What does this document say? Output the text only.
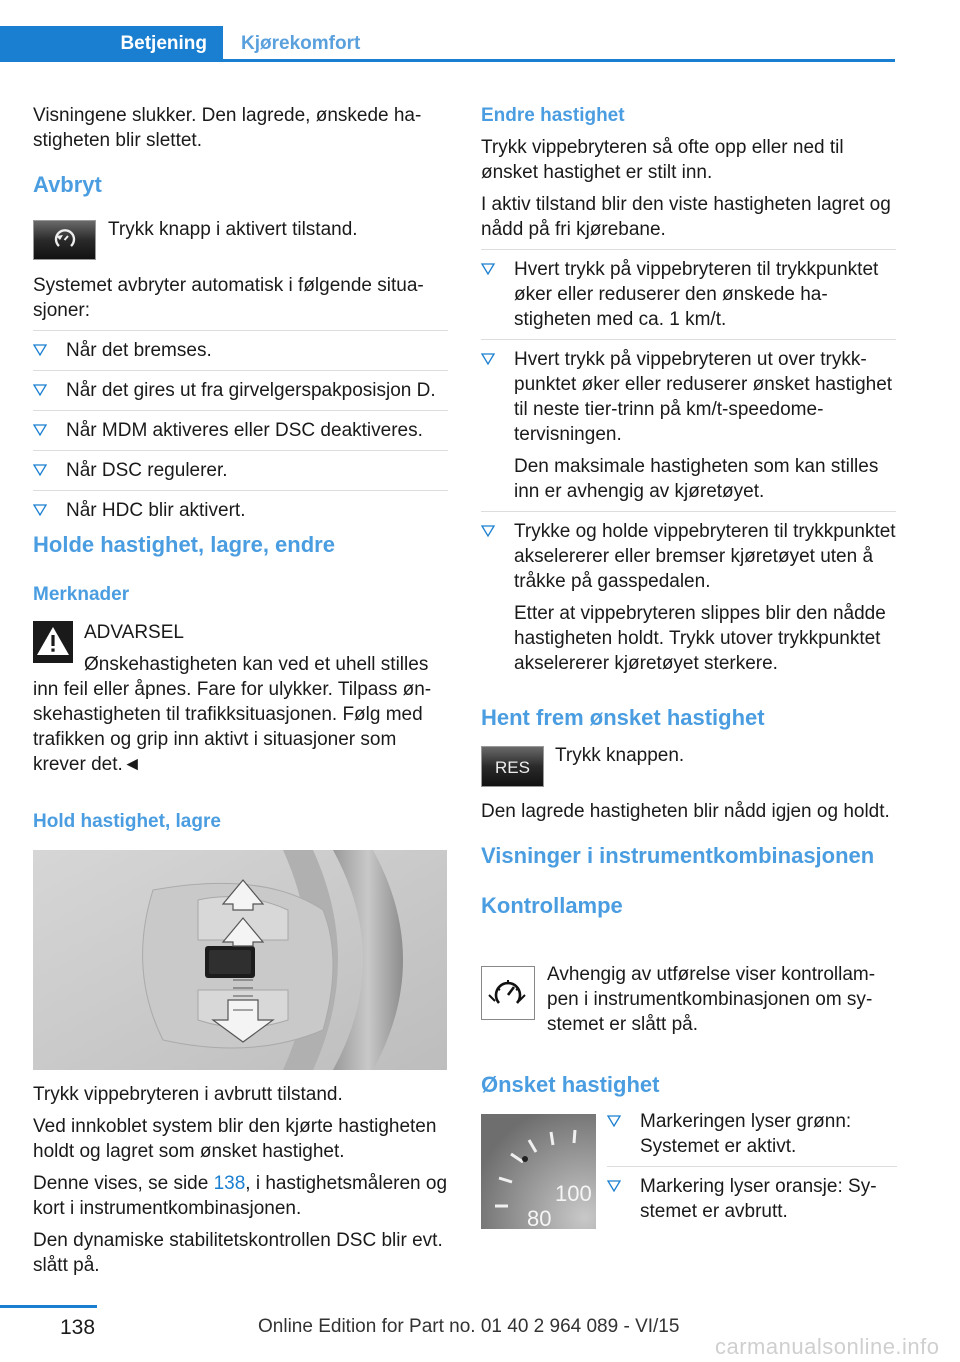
Betjening	Kjørekomfort

Visningene slukker. Den lagrede, ønskede hastigheten blir slettet.

Avbryt

Trykk knapp i aktivert tilstand.

Systemet avbryter automatisk i følgende situasjoner:

Når det bremses.
Når det gires ut fra girvelgerspakposisjon D.
Når MDM aktiveres eller DSC deaktiveres.
Når DSC regulerer.
Når HDC blir aktivert.
Holde hastighet, lagre, endre
Merknader

ADVARSEL

Ønskehastigheten kan ved et uhell stilles inn feil eller åpnes. Fare for ulykker. Tilpass ønskehastigheten til trafikksituasjonen. Følg med trafikken og grip inn aktivt i situasjoner som krever det.◄
Hold hastighet, lagre

Trykk vippebryteren i avbrutt tilstand.

Ved innkoblet system blir den kjørte hastigheten holdt og lagret som ønsket hastighet.

Denne vises, se side 138, i hastighetsmåleren og kort i instrumentkombinasjonen.

Den dynamiske stabilitetskontrollen DSC blir evt. slått på.

Endre hastighet

Trykk vippebryteren så ofte opp eller ned til ønsket hastighet er stilt inn.

I aktiv tilstand blir den viste hastigheten lagret og nådd på fri kjørebane.

Hvert trykk på vippebryteren til trykkpunktet øker eller reduserer den ønskede hastigheten med ca. 1 km/t.
Hvert trykk på vippebryteren ut over trykkpunktet øker eller reduserer ønsket hastighet til neste tier-trinn på km/t-speedometervisningen.
Den maksimale hastigheten som kan stilles inn er avhengig av kjøretøyet.
Trykke og holde vippebryteren til trykkpunktet akselererer eller bremser kjøretøyet uten å tråkke på gasspedalen.
Etter at vippebryteren slippes blir den nådde hastigheten holdt. Trykk utover trykkpunktet akselererer kjøretøyet sterkere.
Hent frem ønsket hastighet
RES

Trykk knappen.

Den lagrede hastigheten blir nådd igjen og holdt.

Visninger i instrumentkombinasjonen
Kontrollampe

Avhengig av utførelse viser kontrollampen i instrumentkombinasjonen om systemet er slått på.

Ønsket hastighet
100
80
Markeringen lyser grønn: Systemet er aktivt.
Markering lyser oransje: Systemet er avbrutt.
138	Online Edition for Part no. 01 40 2 964 089 - VI/15
carmanualsonline.info
